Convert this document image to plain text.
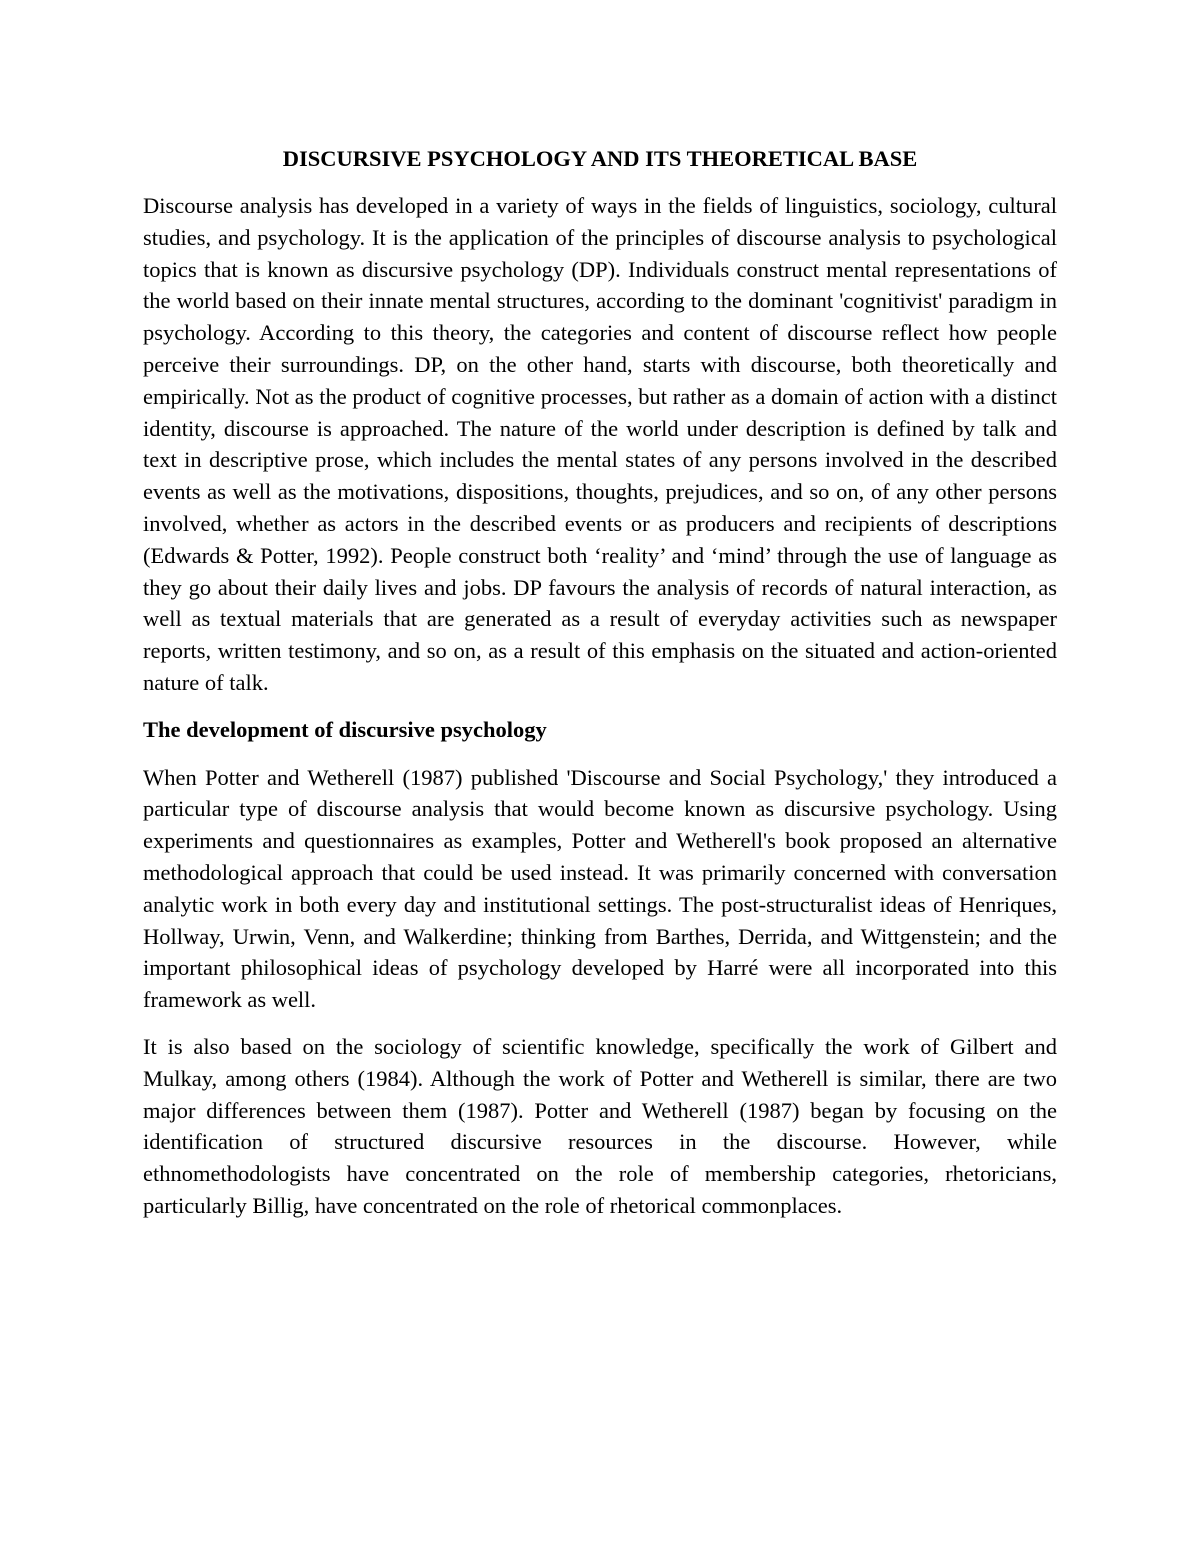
DISCURSIVE PSYCHOLOGY AND ITS THEORETICAL BASE
Discourse analysis has developed in a variety of ways in the fields of linguistics, sociology, cultural studies, and psychology. It is the application of the principles of discourse analysis to psychological topics that is known as discursive psychology (DP). Individuals construct mental representations of the world based on their innate mental structures, according to the dominant 'cognitivist' paradigm in psychology. According to this theory, the categories and content of discourse reflect how people perceive their surroundings. DP, on the other hand, starts with discourse, both theoretically and empirically. Not as the product of cognitive processes, but rather as a domain of action with a distinct identity, discourse is approached. The nature of the world under description is defined by talk and text in descriptive prose, which includes the mental states of any persons involved in the described events as well as the motivations, dispositions, thoughts, prejudices, and so on, of any other persons involved, whether as actors in the described events or as producers and recipients of descriptions (Edwards & Potter, 1992). People construct both ‘reality’ and ‘mind’ through the use of language as they go about their daily lives and jobs. DP favours the analysis of records of natural interaction, as well as textual materials that are generated as a result of everyday activities such as newspaper reports, written testimony, and so on, as a result of this emphasis on the situated and action-oriented nature of talk.
The development of discursive psychology
When Potter and Wetherell (1987) published 'Discourse and Social Psychology,' they introduced a particular type of discourse analysis that would become known as discursive psychology. Using experiments and questionnaires as examples, Potter and Wetherell's book proposed an alternative methodological approach that could be used instead. It was primarily concerned with conversation analytic work in both every day and institutional settings. The post-structuralist ideas of Henriques, Hollway, Urwin, Venn, and Walkerdine; thinking from Barthes, Derrida, and Wittgenstein; and the important philosophical ideas of psychology developed by Harré were all incorporated into this framework as well.
It is also based on the sociology of scientific knowledge, specifically the work of Gilbert and Mulkay, among others (1984). Although the work of Potter and Wetherell is similar, there are two major differences between them (1987). Potter and Wetherell (1987) began by focusing on the identification of structured discursive resources in the discourse. However, while ethnomethodologists have concentrated on the role of membership categories, rhetoricians, particularly Billig, have concentrated on the role of rhetorical commonplaces.
